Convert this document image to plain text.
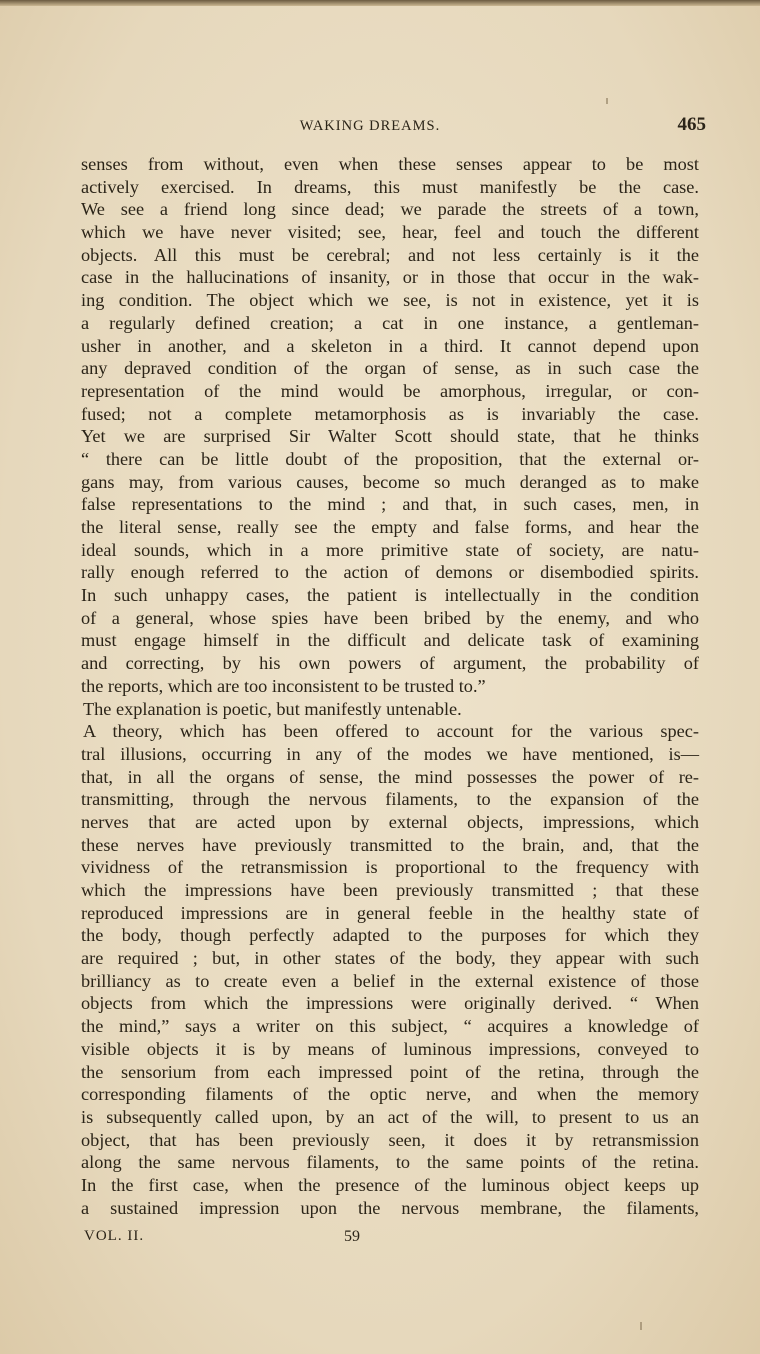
WAKING DREAMS.	465
senses from without, even when these senses appear to be most
actively exercised. In dreams, this must manifestly be the case.
We see a friend long since dead; we parade the streets of a town,
which we have never visited; see, hear, feel and touch the different
objects. All this must be cerebral; and not less certainly is it the
case in the hallucinations of insanity, or in those that occur in the wak-
ing condition. The object which we see, is not in existence, yet it is
a regularly defined creation; a cat in one instance, a gentleman-
usher in another, and a skeleton in a third. It cannot depend upon
any depraved condition of the organ of sense, as in such case the
representation of the mind would be amorphous, irregular, or con-
fused; not a complete metamorphosis as is invariably the case.
Yet we are surprised Sir Walter Scott should state, that he thinks
“ there can be little doubt of the proposition, that the external or-
gans may, from various causes, become so much deranged as to make
false representations to the mind ; and that, in such cases, men, in
the literal sense, really see the empty and false forms, and hear the
ideal sounds, which in a more primitive state of society, are natu-
rally enough referred to the action of demons or disembodied spirits.
In such unhappy cases, the patient is intellectually in the condition
of a general, whose spies have been bribed by the enemy, and who
must engage himself in the difficult and delicate task of examining
and correcting, by his own powers of argument, the probability of
the reports, which are too inconsistent to be trusted to.”
The explanation is poetic, but manifestly untenable.
A theory, which has been offered to account for the various spec-
tral illusions, occurring in any of the modes we have mentioned, is—
that, in all the organs of sense, the mind possesses the power of re-
transmitting, through the nervous filaments, to the expansion of the
nerves that are acted upon by external objects, impressions, which
these nerves have previously transmitted to the brain, and, that the
vividness of the retransmission is proportional to the frequency with
which the impressions have been previously transmitted ; that these
reproduced impressions are in general feeble in the healthy state of
the body, though perfectly adapted to the purposes for which they
are required ; but, in other states of the body, they appear with such
brilliancy as to create even a belief in the external existence of those
objects from which the impressions were originally derived. “ When
the mind,” says a writer on this subject, “ acquires a knowledge of
visible objects it is by means of luminous impressions, conveyed to
the sensorium from each impressed point of the retina, through the
corresponding filaments of the optic nerve, and when the memory
is subsequently called upon, by an act of the will, to present to us an
object, that has been previously seen, it does it by retransmission
along the same nervous filaments, to the same points of the retina.
In the first case, when the presence of the luminous object keeps up
a sustained impression upon the nervous membrane, the filaments,
VOL. II.	59
